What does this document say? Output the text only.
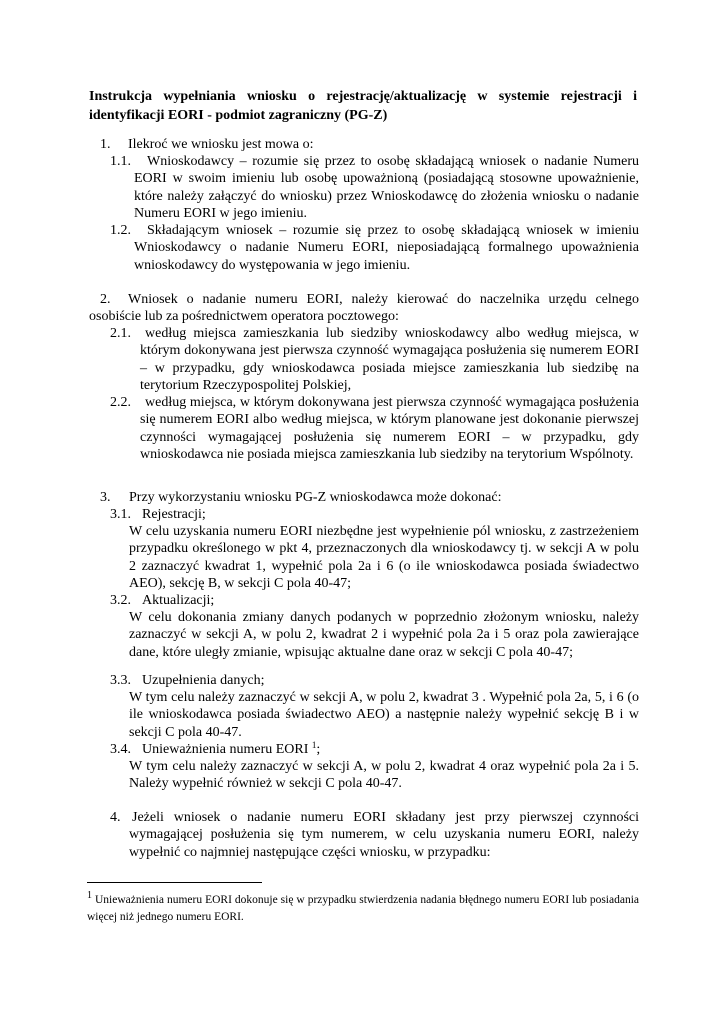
Instrukcja wypełniania wniosku o rejestrację/aktualizację w systemie rejestracji i identyfikacji EORI - podmiot zagraniczny (PG-Z)
1. Ilekroć we wniosku jest mowa o:
1.1.	Wnioskodawcy – rozumie się przez to osobę składającą wniosek o nadanie Numeru EORI w swoim imieniu lub osobę upoważnioną (posiadającą stosowne upoważnienie, które należy załączyć do wniosku) przez Wnioskodawcę do złożenia wniosku o nadanie Numeru EORI w jego imieniu.
1.2.	Składającym wniosek – rozumie się przez to osobę składającą wniosek w imieniu Wnioskodawcy o nadanie Numeru EORI, nieposiadającą formalnego upoważnienia wnioskodawcy do występowania w jego imieniu.
2.	Wniosek o nadanie numeru EORI, należy kierować do naczelnika urzędu celnego osobiście lub za pośrednictwem operatora pocztowego:
2.1.	według miejsca zamieszkania lub siedziby wnioskodawcy albo według miejsca, w którym dokonywana jest pierwsza czynność wymagająca posłużenia się numerem EORI – w przypadku, gdy wnioskodawca posiada miejsce zamieszkania lub siedzibę na terytorium Rzeczypospolitej Polskiej,
2.2.	według miejsca, w którym dokonywana jest pierwsza czynność wymagająca posłużenia się numerem EORI albo według miejsca, w którym planowane jest dokonanie pierwszej czynności wymagającej posłużenia się numerem EORI – w przypadku, gdy wnioskodawca nie posiada miejsca zamieszkania lub siedziby na terytorium Wspólnoty.
3. Przy wykorzystaniu wniosku PG-Z wnioskodawca może dokonać:
3.1. Rejestracji;
W celu uzyskania numeru EORI niezbędne jest wypełnienie pól wniosku, z zastrzeżeniem przypadku określonego w pkt 4, przeznaczonych dla wnioskodawcy tj. w sekcji A w polu 2 zaznaczyć kwadrat 1, wypełnić pola 2a i 6 (o ile wnioskodawca posiada świadectwo AEO), sekcję B, w sekcji C pola 40-47;
3.2. Aktualizacji;
W celu dokonania zmiany danych podanych w poprzednio złożonym wniosku, należy zaznaczyć w sekcji A, w polu 2, kwadrat 2 i wypełnić pola 2a i 5 oraz pola zawierające dane, które uległy zmianie, wpisując aktualne dane oraz w sekcji C pola 40-47;
3.3. Uzupełnienia danych;
W tym celu należy zaznaczyć w sekcji A, w polu 2, kwadrat 3 . Wypełnić pola 2a, 5, i 6 (o ile wnioskodawca posiada świadectwo AEO) a następnie należy wypełnić sekcję B i w sekcji C pola 40-47.
3.4. Unieważnienia numeru EORI $^1$;
W tym celu należy zaznaczyć w sekcji A, w polu 2, kwadrat 4 oraz wypełnić pola 2a i 5. Należy wypełnić również w sekcji C pola 40-47.
4. Jeżeli wniosek o nadanie numeru EORI składany jest przy pierwszej czynności wymagającej posłużenia się tym numerem, w celu uzyskania numeru EORI, należy wypełnić co najmniej następujące części wniosku, w przypadku:
1 Unieważnienia numeru EORI dokonuje się w przypadku stwierdzenia nadania błędnego numeru EORI lub posiadania więcej niż jednego numeru EORI.
